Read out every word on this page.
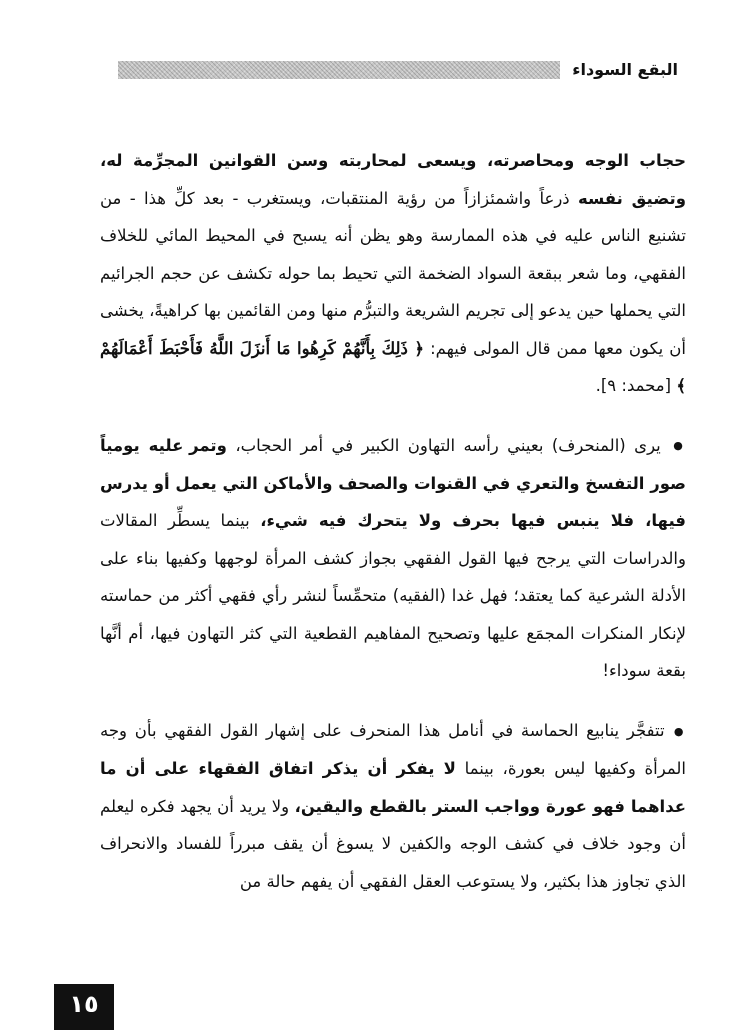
البقع السوداء

حجاب الوجه ومحاصرته، ويسعى لمحاربته وسن القوانين المجرِّمة له، وتضيق نفسه ذرعاً واشمئزازاً من رؤية المنتقبات، ويستغرب - بعد كلِّ هذا - من تشنيع الناس عليه في هذه الممارسة وهو يظن أنه يسبح في المحيط المائي للخلاف الفقهي، وما شعر ببقعة السواد الضخمة التي تحيط بما حوله تكشف عن حجم الجرائيم التي يحملها حين يدعو إلى تجريم الشريعة والتبرُّم منها ومن القائمين بها كراهيةً، يخشى أن يكون معها ممن قال المولى فيهم: ﴿ ذَلِكَ بِأَنَّهُمْ كَرِهُوا مَا أَنزَلَ اللَّهُ فَأَحْبَطَ أَعْمَالَهُمْ ﴾ [محمد: ٩].

● يرى (المنحرف) بعيني رأسه التهاون الكبير في أمر الحجاب، وتمر عليه يومياً صور التفسخ والتعري في القنوات والصحف والأماكن التي يعمل أو يدرس فيها، فلا ينبس فيها بحرف ولا يتحرك فيه شيء، بينما يسطِّر المقالات والدراسات التي يرجح فيها القول الفقهي بجواز كشف المرأة لوجهها وكفيها بناء على الأدلة الشرعية كما يعتقد؛ فهل غدا (الفقيه) متحمِّساً لنشر رأي فقهي أكثر من حماسته لإنكار المنكرات المجمَع عليها وتصحيح المفاهيم القطعية التي كثر التهاون فيها، أم أنَّها بقعة سوداء!

● تتفجَّر ينابيع الحماسة في أنامل هذا المنحرف على إشهار القول الفقهي بأن وجه المرأة وكفيها ليس بعورة، بينما لا يفكر أن يذكر اتفاق الفقهاء على أن ما عداهما فهو عورة وواجب الستر بالقطع واليقين، ولا يريد أن يجهد فكره ليعلم أن وجود خلاف في كشف الوجه والكفين لا يسوغ أن يقف مبرراً للفساد والانحراف الذي تجاوز هذا بكثير، ولا يستوعب العقل الفقهي أن يفهم حالة من

١٥
